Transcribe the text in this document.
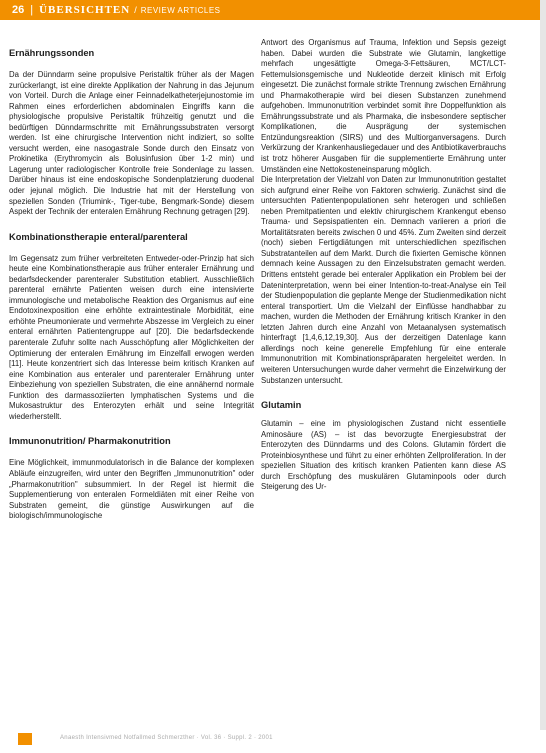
26 | ÜBERSICHTEN / REVIEW ARTICLES
Ernährungssonden

Da der Dünndarm seine propulsive Peristaltik früher als der Magen zurückerlangt, ist eine direkte Applikation der Nahrung in das Jejunum von Vorteil. Durch die Anlage einer Feinnadelkatheterjejunostomie im Rahmen eines erforderlichen abdominalen Eingriffs kann die physiologische propulsive Peristaltik frühzeitig genutzt und die bedürftigen Dünndarmschritte mit Ernährungssubstraten versorgt werden. Ist eine chirurgische Intervention nicht indiziert, so sollte versucht werden, eine nasogastrale Sonde durch den Einsatz von Prokinetika (Erythromycin als Bolusinfusion über 1-2 min) und Lagerung unter radiologischer Kontrolle freie Sondenlage zu lassen. Darüber hinaus ist eine endoskopische Sondenplatzierung duodenal oder jejunal möglich. Die Industrie hat mit der Herstellung von speziellen Sonden (Triumink-, Tiger-tube, Bengmark-Sonde) diesem Aspekt der Technik der enteralen Ernährung Rechnung getragen [29].

Kombinationstherapie enteral/parenteral

Im Gegensatz zum früher verbreiteten Entweder-oder-Prinzip hat sich heute eine Kombinationstherapie aus früher enteraler Ernährung und bedarfsdeckender parenteraler Substitution etabliert. Ausschließlich parenteral ernährte Patienten weisen durch eine intensivierte immunologische und metabolische Reaktion des Organismus auf eine Endotoxinexposition eine erhöhte extraintestinale Morbidität, eine erhöhte Pneumonierate und vermehrte Abszesse im Vergleich zu einer enteral ernährten Patientengruppe auf [20]. Die bedarfsdeckende parenterale Zufuhr sollte nach Ausschöpfung aller Möglichkeiten der Optimierung der enteralen Ernährung im Einzelfall erwogen werden [11]. Heute konzentriert sich das Interesse beim kritisch Kranken auf eine Kombination aus enteraler und parenteraler Ernährung unter Einbeziehung von speziellen Substraten, die eine annähernd normale Funktion des darmassoziierten lymphatischen Systems und die Mukosastruktur des Enterozyten erhält und seine Integrität wiederherstellt.

Immunonutrition/ Pharmakonutrition

Eine Möglichkeit, immunmodulatorisch in die Balance der komplexen Abläufe einzugreifen, wird unter den Begriffen „Immunonutrition" oder „Pharmakonutrition" subsummiert. In der Regel ist hiermit die Supplementierung von enteralen Formeldiäten mit einer Reihe von Substraten gemeint, die günstige Auswirkungen auf die biologisch/immunologische

Antwort des Organismus auf Trauma, Infektion und Sepsis gezeigt haben. Dabei wurden die Substrate wie Glutamin, langkettige mehrfach ungesättigte Omega-3-Fettsäuren, MCT/LCT-Fettemulsionsgemische und Nukleotide derzeit klinisch mit Erfolg eingesetzt. Die zunächst formale strikte Trennung zwischen Ernährung und Pharmakotherapie wird bei diesen Substanzen zunehmend aufgehoben. Immunonutrition verbindet somit ihre Doppelfunktion als Ernährungssubstrate und als Pharmaka, die insbesondere septischer Komplikationen, die Ausprägung der systemischen Entzündungsreaktion (SIRS) und des Multiorganversagens. Durch Verkürzung der Krankenhausliegedauer und des Antibiotikaverbrauchs ist trotz höherer Ausgaben für die supplementierte Ernährung unter Umständen eine Nettokosteneinsparung möglich.

Die Interpretation der Vielzahl von Daten zur Immunonutrition gestaltet sich aufgrund einer Reihe von Faktoren schwierig. Zunächst sind die untersuchten Patientenpopulationen sehr heterogen und schließen neben Premitpatienten und elektiv chirurgischem Krankengut ebenso Trauma- und Sepsispatienten ein. Demnach variieren a priori die Mortalitätsraten bereits zwischen 0 und 45%. Zum Zweiten sind derzeit (noch) sieben Fertigdiätungen mit unterschiedlichen spezifischen Substratanteilen auf dem Markt. Durch die fixierten Gemische können demnach keine Aussagen zu den Einzelsubstraten gemacht werden. Drittens entsteht gerade bei enteraler Applikation ein Problem bei der Dateninterpretation, wenn bei einer Intention-to-treat-Analyse ein Teil der Studienpopulation die geplante Menge der Studienmedikation nicht enteral transportiert. Um die Vielzahl der Einflüsse handhabbar zu machen, wurden die Methoden der Ernährung kritisch Kranker in den letzten Jahren durch eine Anzahl von Metaanalysen systematisch hinterfragt [1,4,6,12,19,30]. Aus der derzeitigen Datenlage kann allerdings noch keine generelle Empfehlung für eine enterale Immunonutrition mit Kombinationspräparaten hergeleitet werden. In weiteren Untersuchungen wurde daher vermehrt die Einzelwirkung der Substanzen untersucht.

Glutamin

Glutamin – eine im physiologischen Zustand nicht essentielle Aminosäure (AS) – ist das bevorzugte Energiesubstrat der Enterozyten des Dünndarms und des Colons. Glutamin fördert die Proteinbiosynthese und führt zu einer erhöhten Zellproliferation. In der speziellen Situation des kritisch kranken Patienten kann diese AS durch Erschöpfung des muskulären Glutaminpools oder durch Steigerung des Ur-

Anaesth Intensivmed Notfallmed Schmerzther · Vol. 36 · Suppl. 2 · 2001
